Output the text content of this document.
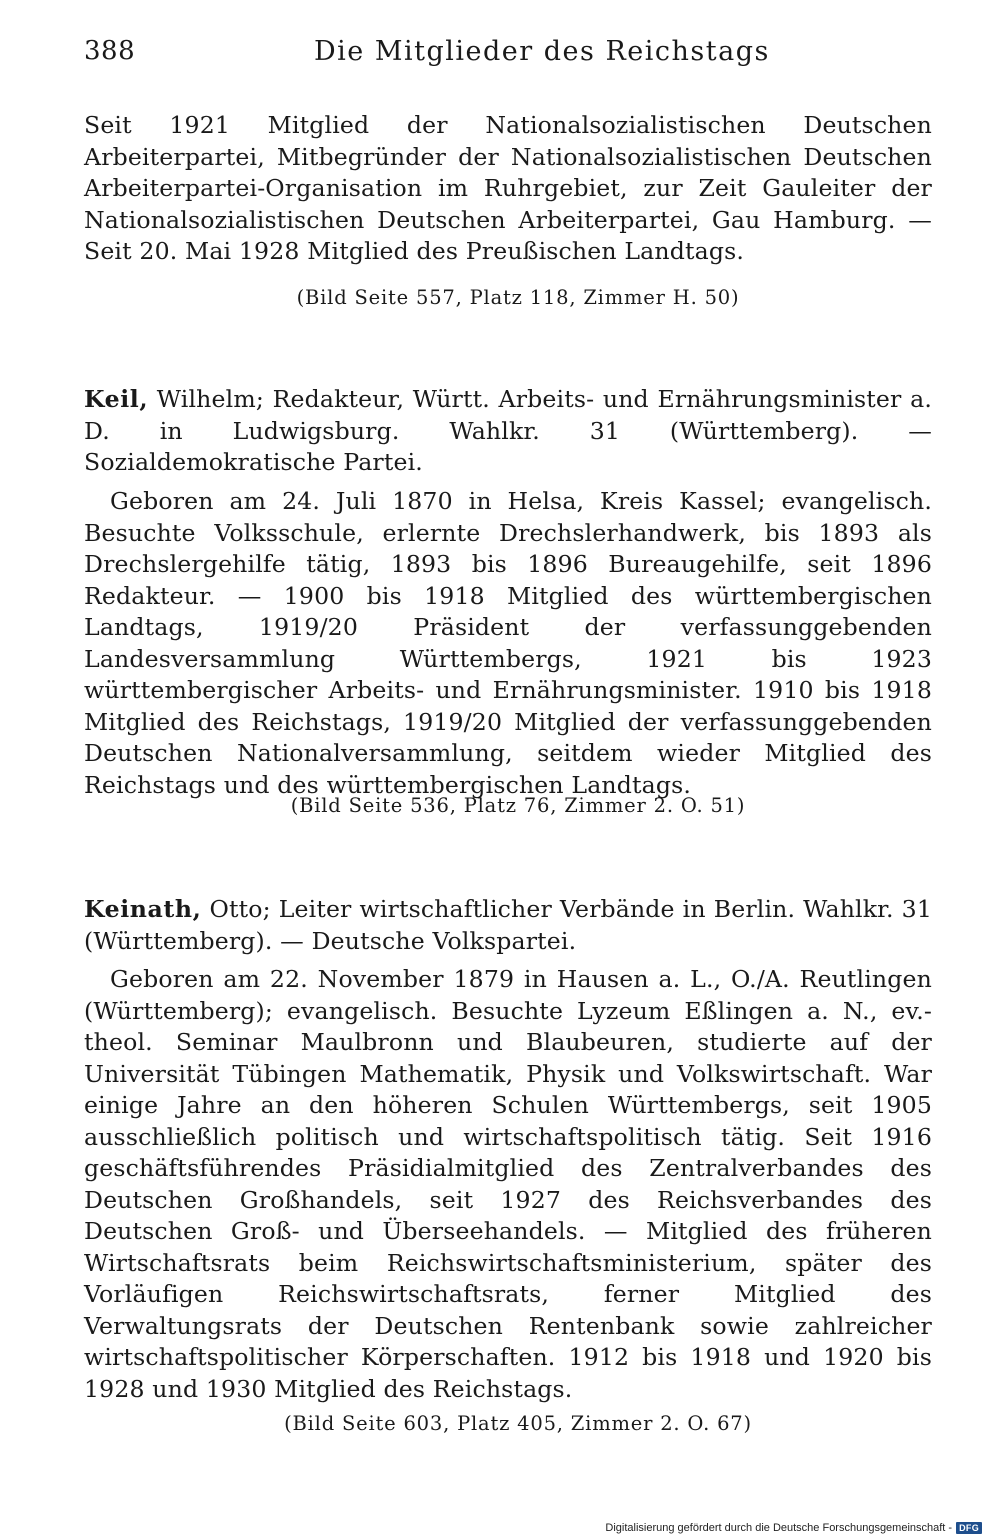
388	Die Mitglieder des Reichstags

Seit 1921 Mitglied der Nationalsozialistischen Deutschen Arbeiterpartei, Mitbegründer der Nationalsozialistischen Deutschen Arbeiterpartei-Organisation im Ruhrgebiet, zur Zeit Gauleiter der Nationalsozialistischen Deutschen Arbeiterpartei, Gau Hamburg. — Seit 20. Mai 1928 Mitglied des Preußischen Landtags.

(Bild Seite 557, Platz 118, Zimmer H. 50)

Keil, Wilhelm; Redakteur, Württ. Arbeits- und Ernährungsminister a. D. in Ludwigsburg. Wahlkr. 31 (Württemberg). — Sozialdemokratische Partei.

Geboren am 24. Juli 1870 in Helsa, Kreis Kassel; evangelisch. Besuchte Volksschule, erlernte Drechslerhandwerk, bis 1893 als Drechslergehilfe tätig, 1893 bis 1896 Bureaugehilfe, seit 1896 Redakteur. — 1900 bis 1918 Mitglied des württembergischen Landtags, 1919/20 Präsident der verfassunggebenden Landesversammlung Württembergs, 1921 bis 1923 württembergischer Arbeits- und Ernährungsminister. 1910 bis 1918 Mitglied des Reichstags, 1919/20 Mitglied der verfassunggebenden Deutschen Nationalversammlung, seitdem wieder Mitglied des Reichstags und des württembergischen Landtags.

(Bild Seite 536, Platz 76, Zimmer 2. O. 51)

Keinath, Otto; Leiter wirtschaftlicher Verbände in Berlin. Wahlkr. 31 (Württemberg). — Deutsche Volkspartei.

Geboren am 22. November 1879 in Hausen a. L., O./A. Reutlingen (Württemberg); evangelisch. Besuchte Lyzeum Eßlingen a. N., ev.-theol. Seminar Maulbronn und Blaubeuren, studierte auf der Universität Tübingen Mathematik, Physik und Volkswirtschaft. War einige Jahre an den höheren Schulen Württembergs, seit 1905 ausschließlich politisch und wirtschaftspolitisch tätig. Seit 1916 geschäftsführendes Präsidialmitglied des Zentralverbandes des Deutschen Großhandels, seit 1927 des Reichsverbandes des Deutschen Groß- und Überseehandels. — Mitglied des früheren Wirtschaftsrats beim Reichswirtschaftsministerium, später des Vorläufigen Reichswirtschaftsrats, ferner Mitglied des Verwaltungsrats der Deutschen Rentenbank sowie zahlreicher wirtschaftspolitischer Körperschaften. 1912 bis 1918 und 1920 bis 1928 und 1930 Mitglied des Reichstags.

(Bild Seite 603, Platz 405, Zimmer 2. O. 67)

Digitalisierung gefördert durch die Deutsche Forschungsgemeinschaft - DFG
